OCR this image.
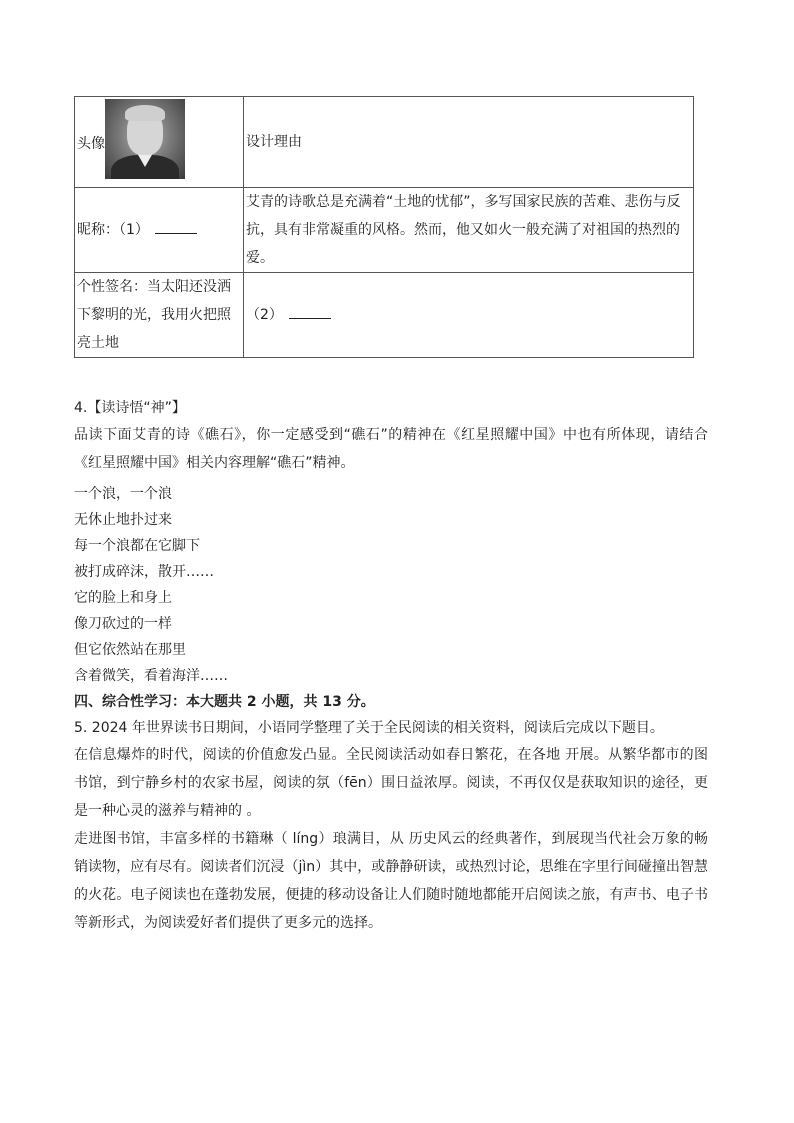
头像	设计理由
昵称：（1）	艾青的诗歌总是充满着“土地的忧郁”，多写国家民族的苦难、悲伤与反抗，具有非常凝重的风格。然而，他又如火一般充满了对祖国的热烈的爱。
个性签名：当太阳还没洒下黎明的光，我用火把照亮土地	（2）
4.【读诗悟“神”】
品读下面艾青的诗《礁石》，你一定感受到“礁石”的精神在《红星照耀中国》中也有所体现，请结合《红星照耀中国》相关内容理解“礁石”精神。
一个浪，一个浪
无休止地扑过来
每一个浪都在它脚下
被打成碎沫，散开……
它的脸上和身上
像刀砍过的一样
但它依然站在那里
含着微笑，看着海洋……
四、综合性学习：本大题共 2 小题，共 13 分。
5. 2024 年世界读书日期间，小语同学整理了关于全民阅读的相关资料，阅读后完成以下题目。
在信息爆炸的时代，阅读的价值愈发凸显。全民阅读活动如春日繁花，在各地 开展。从繁华都市的图书馆，到宁静乡村的农家书屋，阅读的氛（fēn）围日益浓厚。阅读，不再仅仅是获取知识的途径，更是一种心灵的滋养与精神的 。
走进图书馆，丰富多样的书籍琳（ líng）琅满目，从 历史风云的经典著作，到展现当代社会万象的畅销读物，应有尽有。阅读者们沉浸（jìn）其中，或静静研读，或热烈讨论，思维在字里行间碰撞出智慧的火花。电子阅读也在蓬勃发展，便捷的移动设备让人们随时随地都能开启阅读之旅，有声书、电子书等新形式，为阅读爱好者们提供了更多元的选择。
